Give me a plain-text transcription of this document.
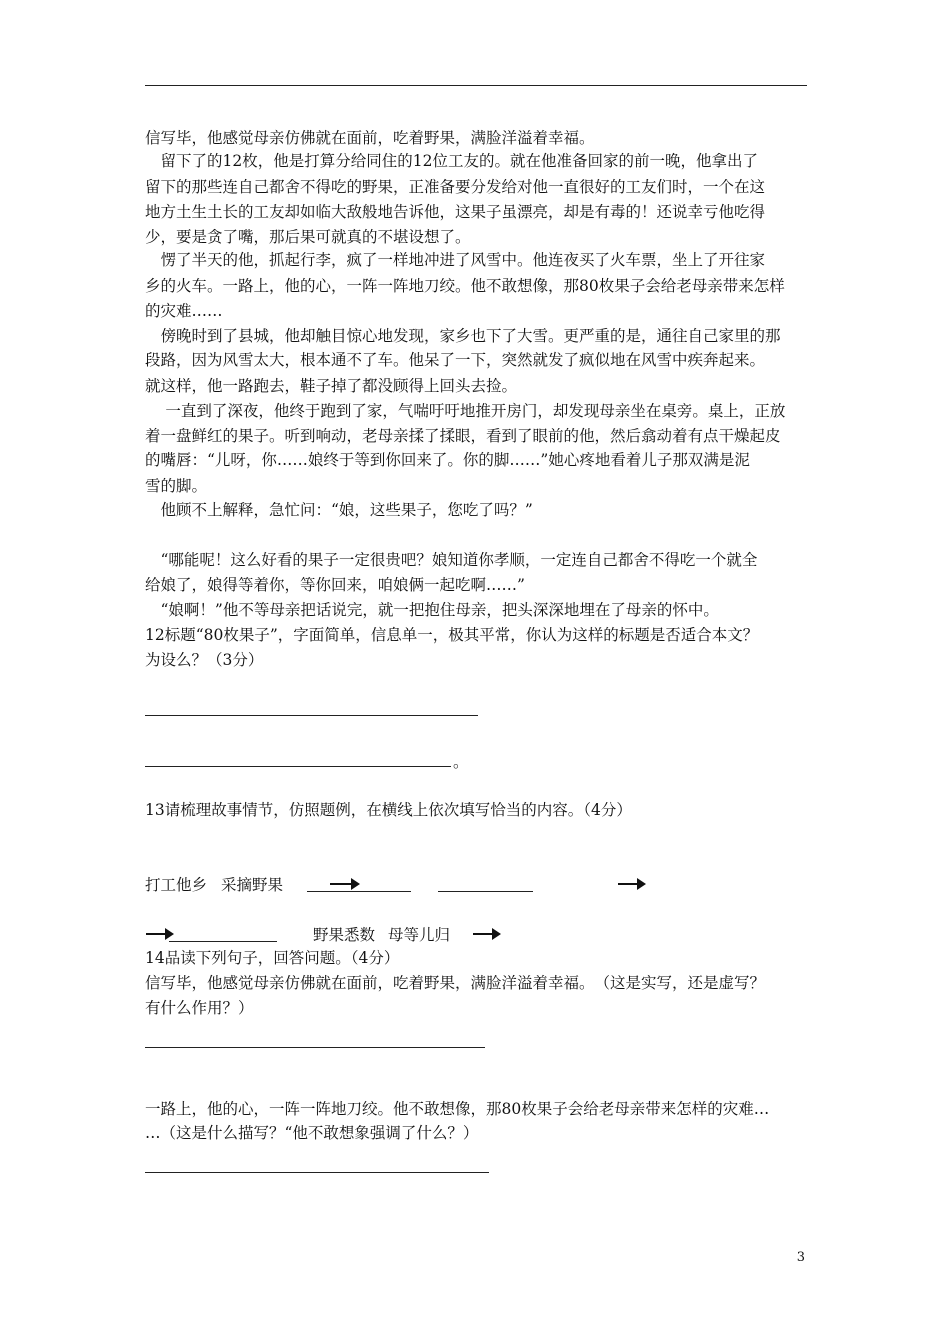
信写毕，他感觉母亲仿佛就在面前，吃着野果，满脸洋溢着幸福。
　留下了的12枚，他是打算分给同住的12位工友的。就在他准备回家的前一晚，他拿出了
留下的那些连自己都舍不得吃的野果，正准备要分发给对他一直很好的工友们时，一个在这
地方土生土长的工友却如临大敌般地告诉他，这果子虽漂亮，却是有毒的！还说幸亏他吃得
少，要是贪了嘴，那后果可就真的不堪设想了。
　愣了半天的他，抓起行李，疯了一样地冲进了风雪中。他连夜买了火车票，坐上了开往家
乡的火车。一路上，他的心，一阵一阵地刀绞。他不敢想像，那80枚果子会给老母亲带来怎样
的灾难……
　傍晚时到了县城，他却触目惊心地发现，家乡也下了大雪。更严重的是，通往自己家里的那
段路，因为风雪太大，根本通不了车。他呆了一下，突然就发了疯似地在风雪中疾奔起来。
就这样，他一路跑去，鞋子掉了都没顾得上回头去捡。
　 一直到了深夜，他终于跑到了家，气喘吁吁地推开房门，却发现母亲坐在桌旁。桌上，正放
着一盘鲜红的果子。听到响动，老母亲揉了揉眼，看到了眼前的他，然后翕动着有点干燥起皮
的嘴唇：“儿呀，你……娘终于等到你回来了。你的脚……”她心疼地看着儿子那双满是泥
雪的脚。
　他顾不上解释，急忙问：“娘，这些果子，您吃了吗？”
　“哪能呢！这么好看的果子一定很贵吧？娘知道你孝顺，一定连自己都舍不得吃一个就全
给娘了，娘得等着你，等你回来，咱娘俩一起吃啊……”
　“娘啊！”他不等母亲把话说完，就一把抱住母亲，把头深深地埋在了母亲的怀中。
12标题“80枚果子”，字面简单，信息单一，极其平常，你认为这样的标题是否适合本文？
为设么？（3分）
。
13请梳理故事情节，仿照题例，在横线上依次填写恰当的内容。（4分）
打工他乡 采摘野果
野果悉数 母等儿归
14品读下列句子，回答问题。（4分）
信写毕，他感觉母亲仿佛就在面前，吃着野果，满脸洋溢着幸福。　（这是实写，还是虚写？
有什么作用？）
一路上，他的心，一阵一阵地刀绞。他不敢想像，那80枚果子会给老母亲带来怎样的灾难…
…（这是什么描写？“他不敢想象强调了什么？）
3
